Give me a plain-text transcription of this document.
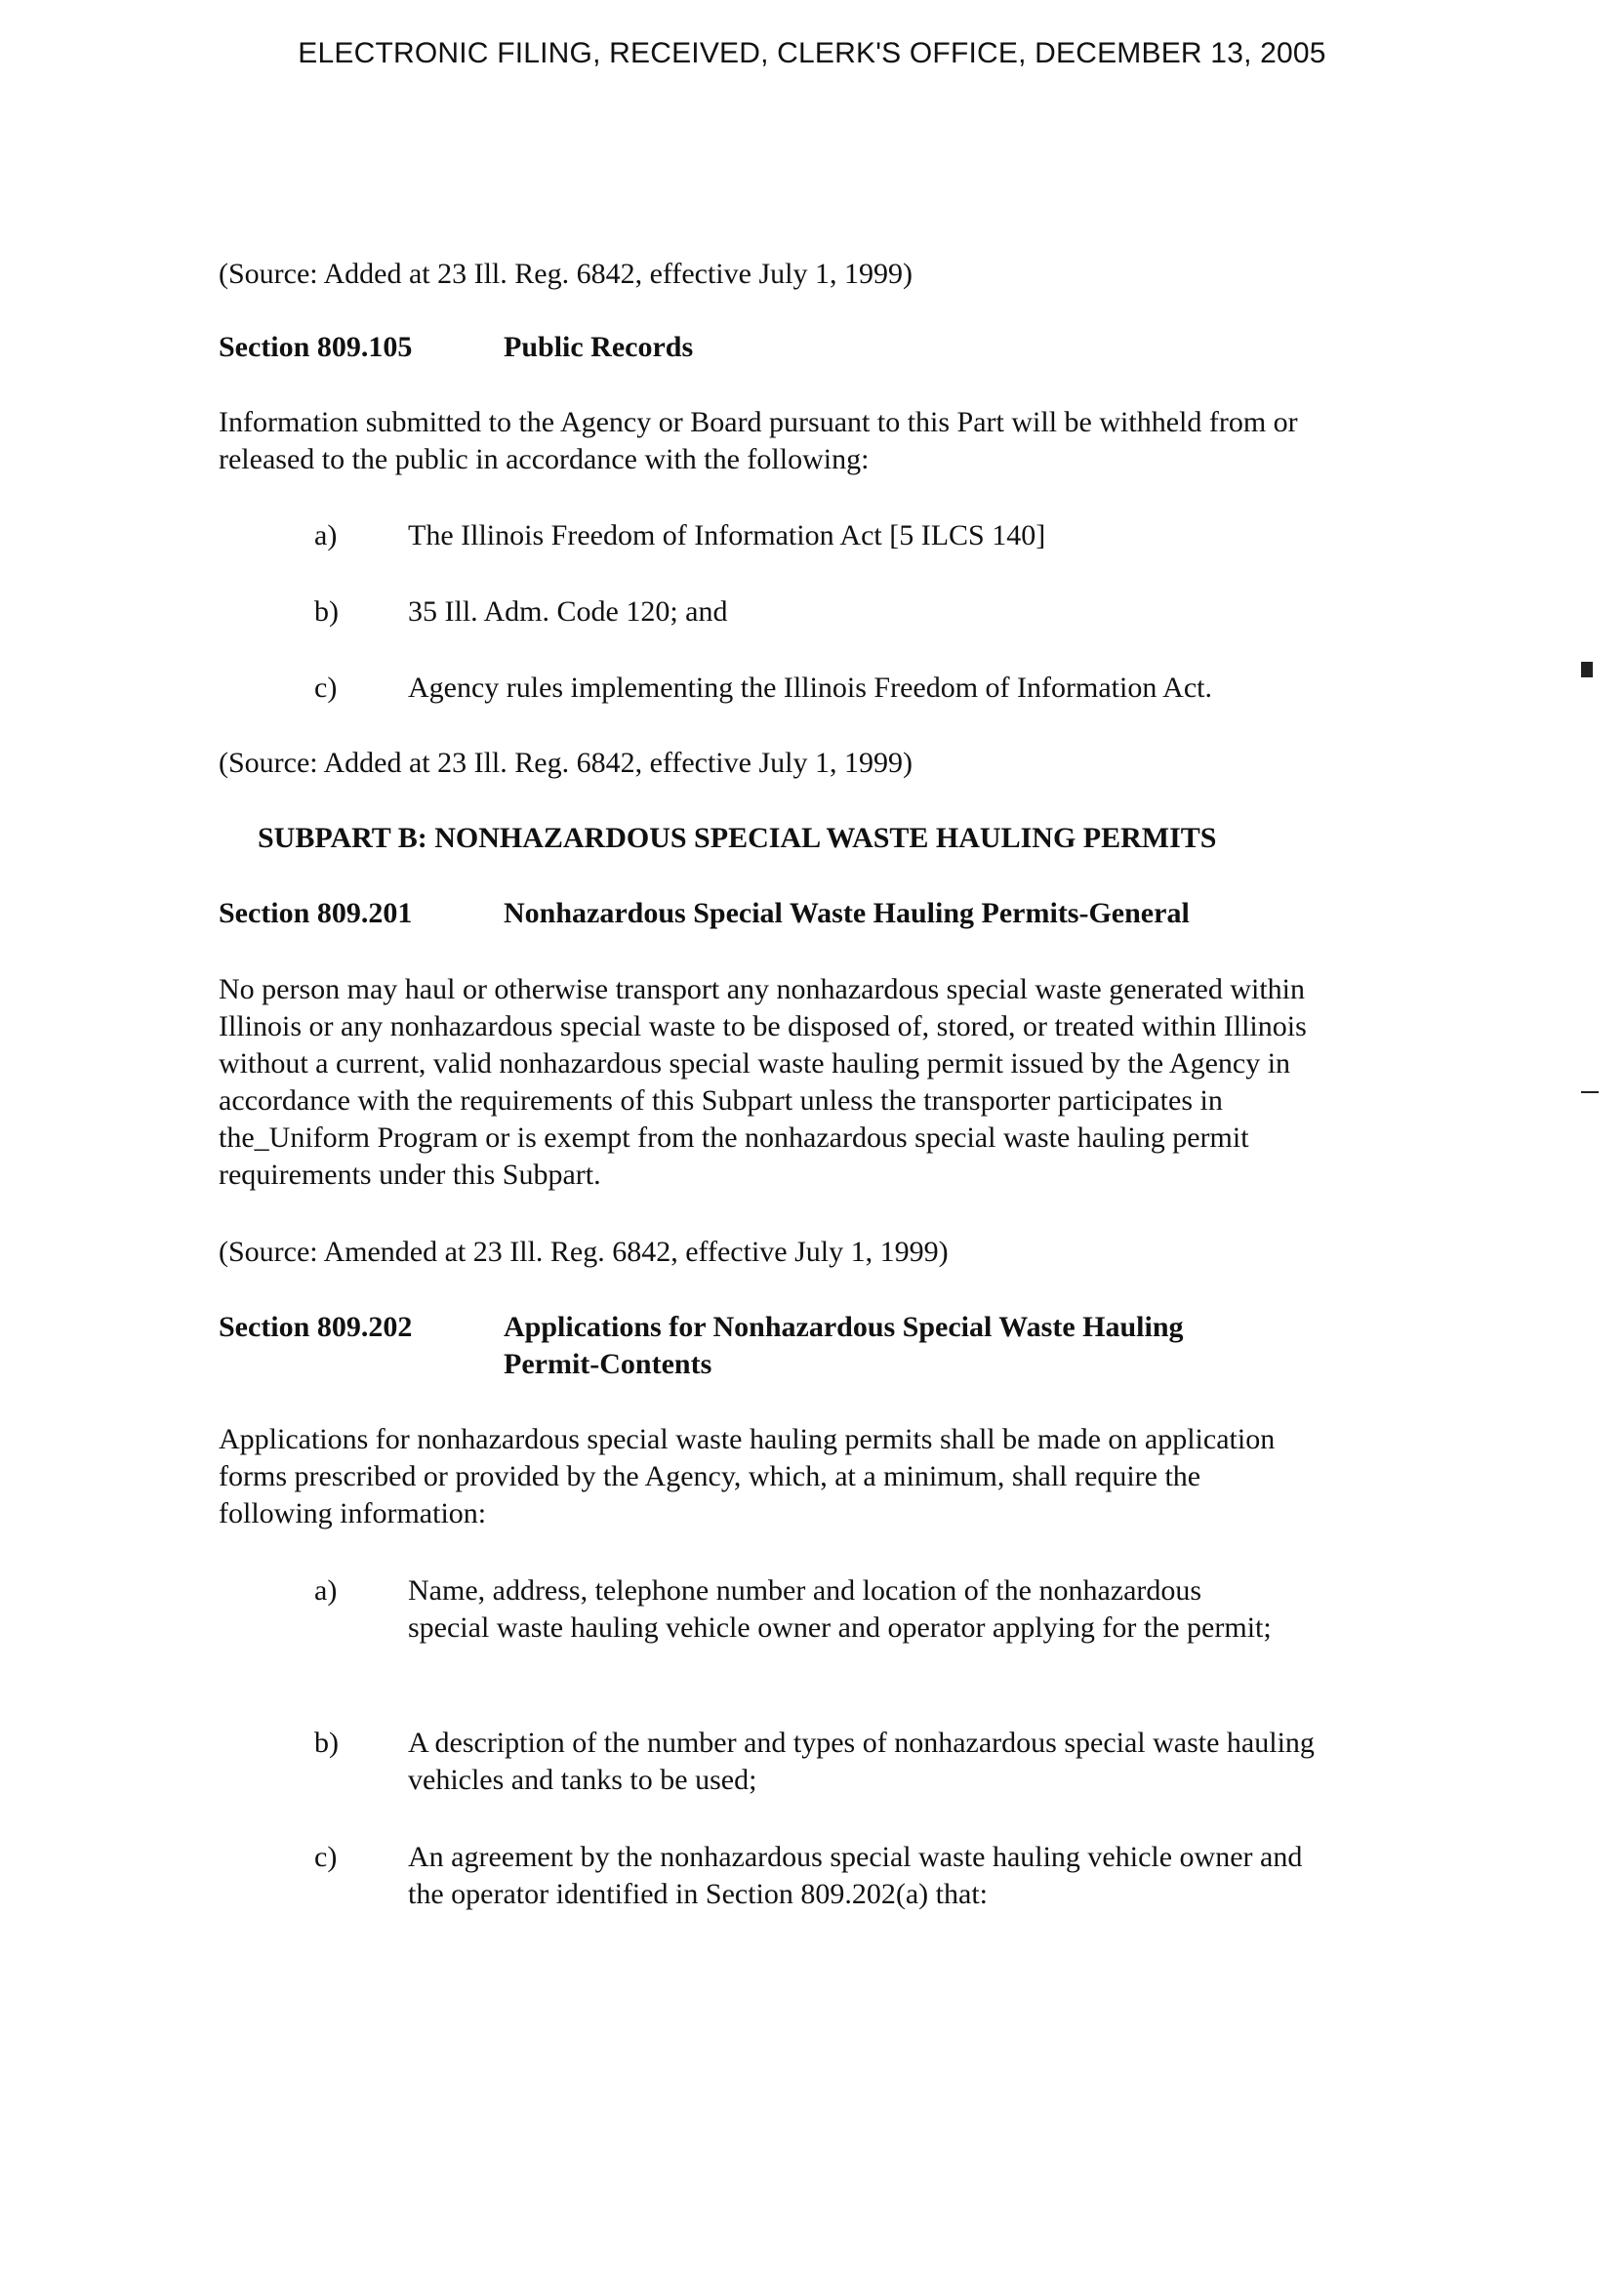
ELECTRONIC FILING, RECEIVED, CLERK'S OFFICE, DECEMBER 13, 2005

(Source: Added at 23 Ill. Reg. 6842, effective July 1, 1999)

Section 809.105	Public Records

Information submitted to the Agency or Board pursuant to this Part will be withheld from or released to the public in accordance with the following:

a)	The Illinois Freedom of Information Act [5 ILCS 140]
b)	35 Ill. Adm. Code 120; and
c)	Agency rules implementing the Illinois Freedom of Information Act.

(Source: Added at 23 Ill. Reg. 6842, effective July 1, 1999)

SUBPART B: NONHAZARDOUS SPECIAL WASTE HAULING PERMITS
Section 809.201	Nonhazardous Special Waste Hauling Permits-General

No person may haul or otherwise transport any nonhazardous special waste generated within Illinois or any nonhazardous special waste to be disposed of, stored, or treated within Illinois without a current, valid nonhazardous special waste hauling permit issued by the Agency in accordance with the requirements of this Subpart unless the transporter participates in the_Uniform Program or is exempt from the nonhazardous special waste hauling permit requirements under this Subpart.

(Source: Amended at 23 Ill. Reg. 6842, effective July 1, 1999)

Section 809.202	Applications for Nonhazardous Special Waste Hauling Permit-Contents

Applications for nonhazardous special waste hauling permits shall be made on application forms prescribed or provided by the Agency, which, at a minimum, shall require the following information:

a)	Name, address, telephone number and location of the nonhazardous special waste hauling vehicle owner and operator applying for the permit;
b)	A description of the number and types of nonhazardous special waste hauling vehicles and tanks to be used;
c)	An agreement by the nonhazardous special waste hauling vehicle owner and the operator identified in Section 809.202(a) that:
